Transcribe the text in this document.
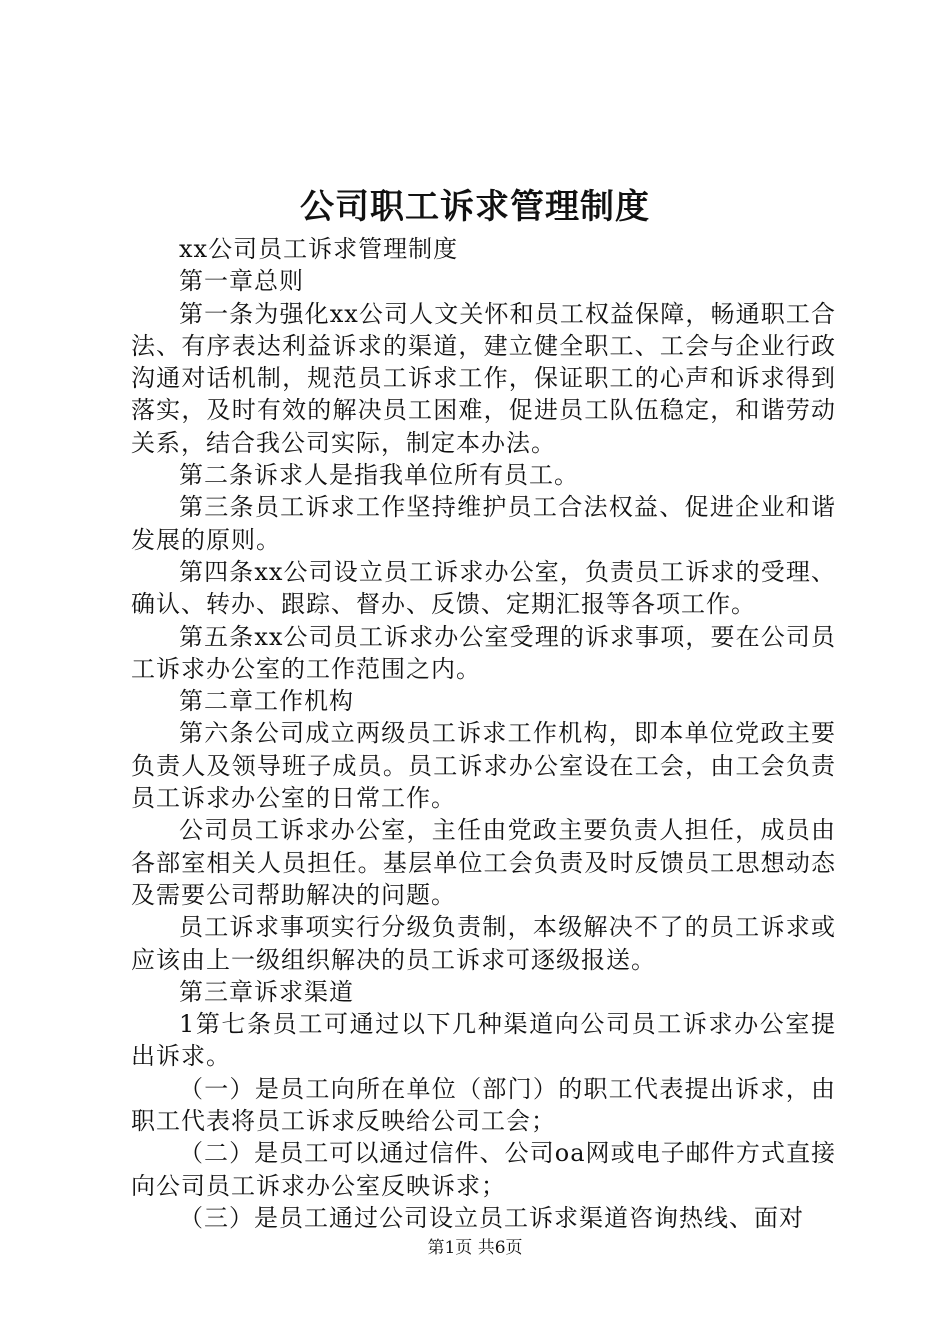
公司职工诉求管理制度

xx公司员工诉求管理制度

第一章总则

第一条为强化xx公司人文关怀和员工权益保障，畅通职工合法、有序表达利益诉求的渠道，建立健全职工、工会与企业行政沟通对话机制，规范员工诉求工作，保证职工的心声和诉求得到落实，及时有效的解决员工困难，促进员工队伍稳定，和谐劳动关系，结合我公司实际，制定本办法。

第二条诉求人是指我单位所有员工。

第三条员工诉求工作坚持维护员工合法权益、促进企业和谐发展的原则。

第四条xx公司设立员工诉求办公室，负责员工诉求的受理、确认、转办、跟踪、督办、反馈、定期汇报等各项工作。

第五条xx公司员工诉求办公室受理的诉求事项，要在公司员工诉求办公室的工作范围之内。

第二章工作机构

第六条公司成立两级员工诉求工作机构，即本单位党政主要负责人及领导班子成员。员工诉求办公室设在工会，由工会负责员工诉求办公室的日常工作。

公司员工诉求办公室，主任由党政主要负责人担任，成员由各部室相关人员担任。基层单位工会负责及时反馈员工思想动态及需要公司帮助解决的问题。

员工诉求事项实行分级负责制，本级解决不了的员工诉求或应该由上一级组织解决的员工诉求可逐级报送。

第三章诉求渠道

1第七条员工可通过以下几种渠道向公司员工诉求办公室提出诉求。

（一）是员工向所在单位（部门）的职工代表提出诉求，由职工代表将员工诉求反映给公司工会；

（二）是员工可以通过信件、公司oa网或电子邮件方式直接向公司员工诉求办公室反映诉求；

（三）是员工通过公司设立员工诉求渠道咨询热线、面对

第1页 共6页
